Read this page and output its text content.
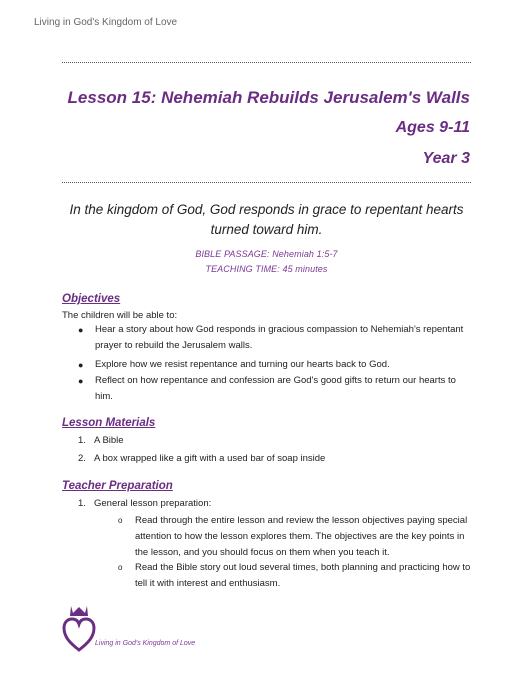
Living in God's Kingdom of Love
Lesson 15: Nehemiah Rebuilds Jerusalem's Walls
Ages 9-11
Year 3
In the kingdom of God, God responds in grace to repentant hearts
turned toward him.
BIBLE PASSAGE: Nehemiah 1:5-7
TEACHING TIME: 45 minutes
Objectives
The children will be able to:
●	Hear a story about how God responds in gracious compassion to Nehemiah's repentant
prayer to rebuild the Jerusalem walls.
●	Explore how we resist repentance and turning our hearts back to God.
●	Reflect on how repentance and confession are God's good gifts to return our hearts to
him.
Lesson Materials
1. A Bible
2. A box wrapped like a gift with a used bar of soap inside
Teacher Preparation
1. General lesson preparation:
o Read through the entire lesson and review the lesson objectives paying special
attention to how the lesson explores them. The objectives are the key points in
the lesson, and you should focus on them when you teach it.
o Read the Bible story out loud several times, both planning and practicing how to
tell it with interest and enthusiasm.
Living in God's Kingdom of Love
